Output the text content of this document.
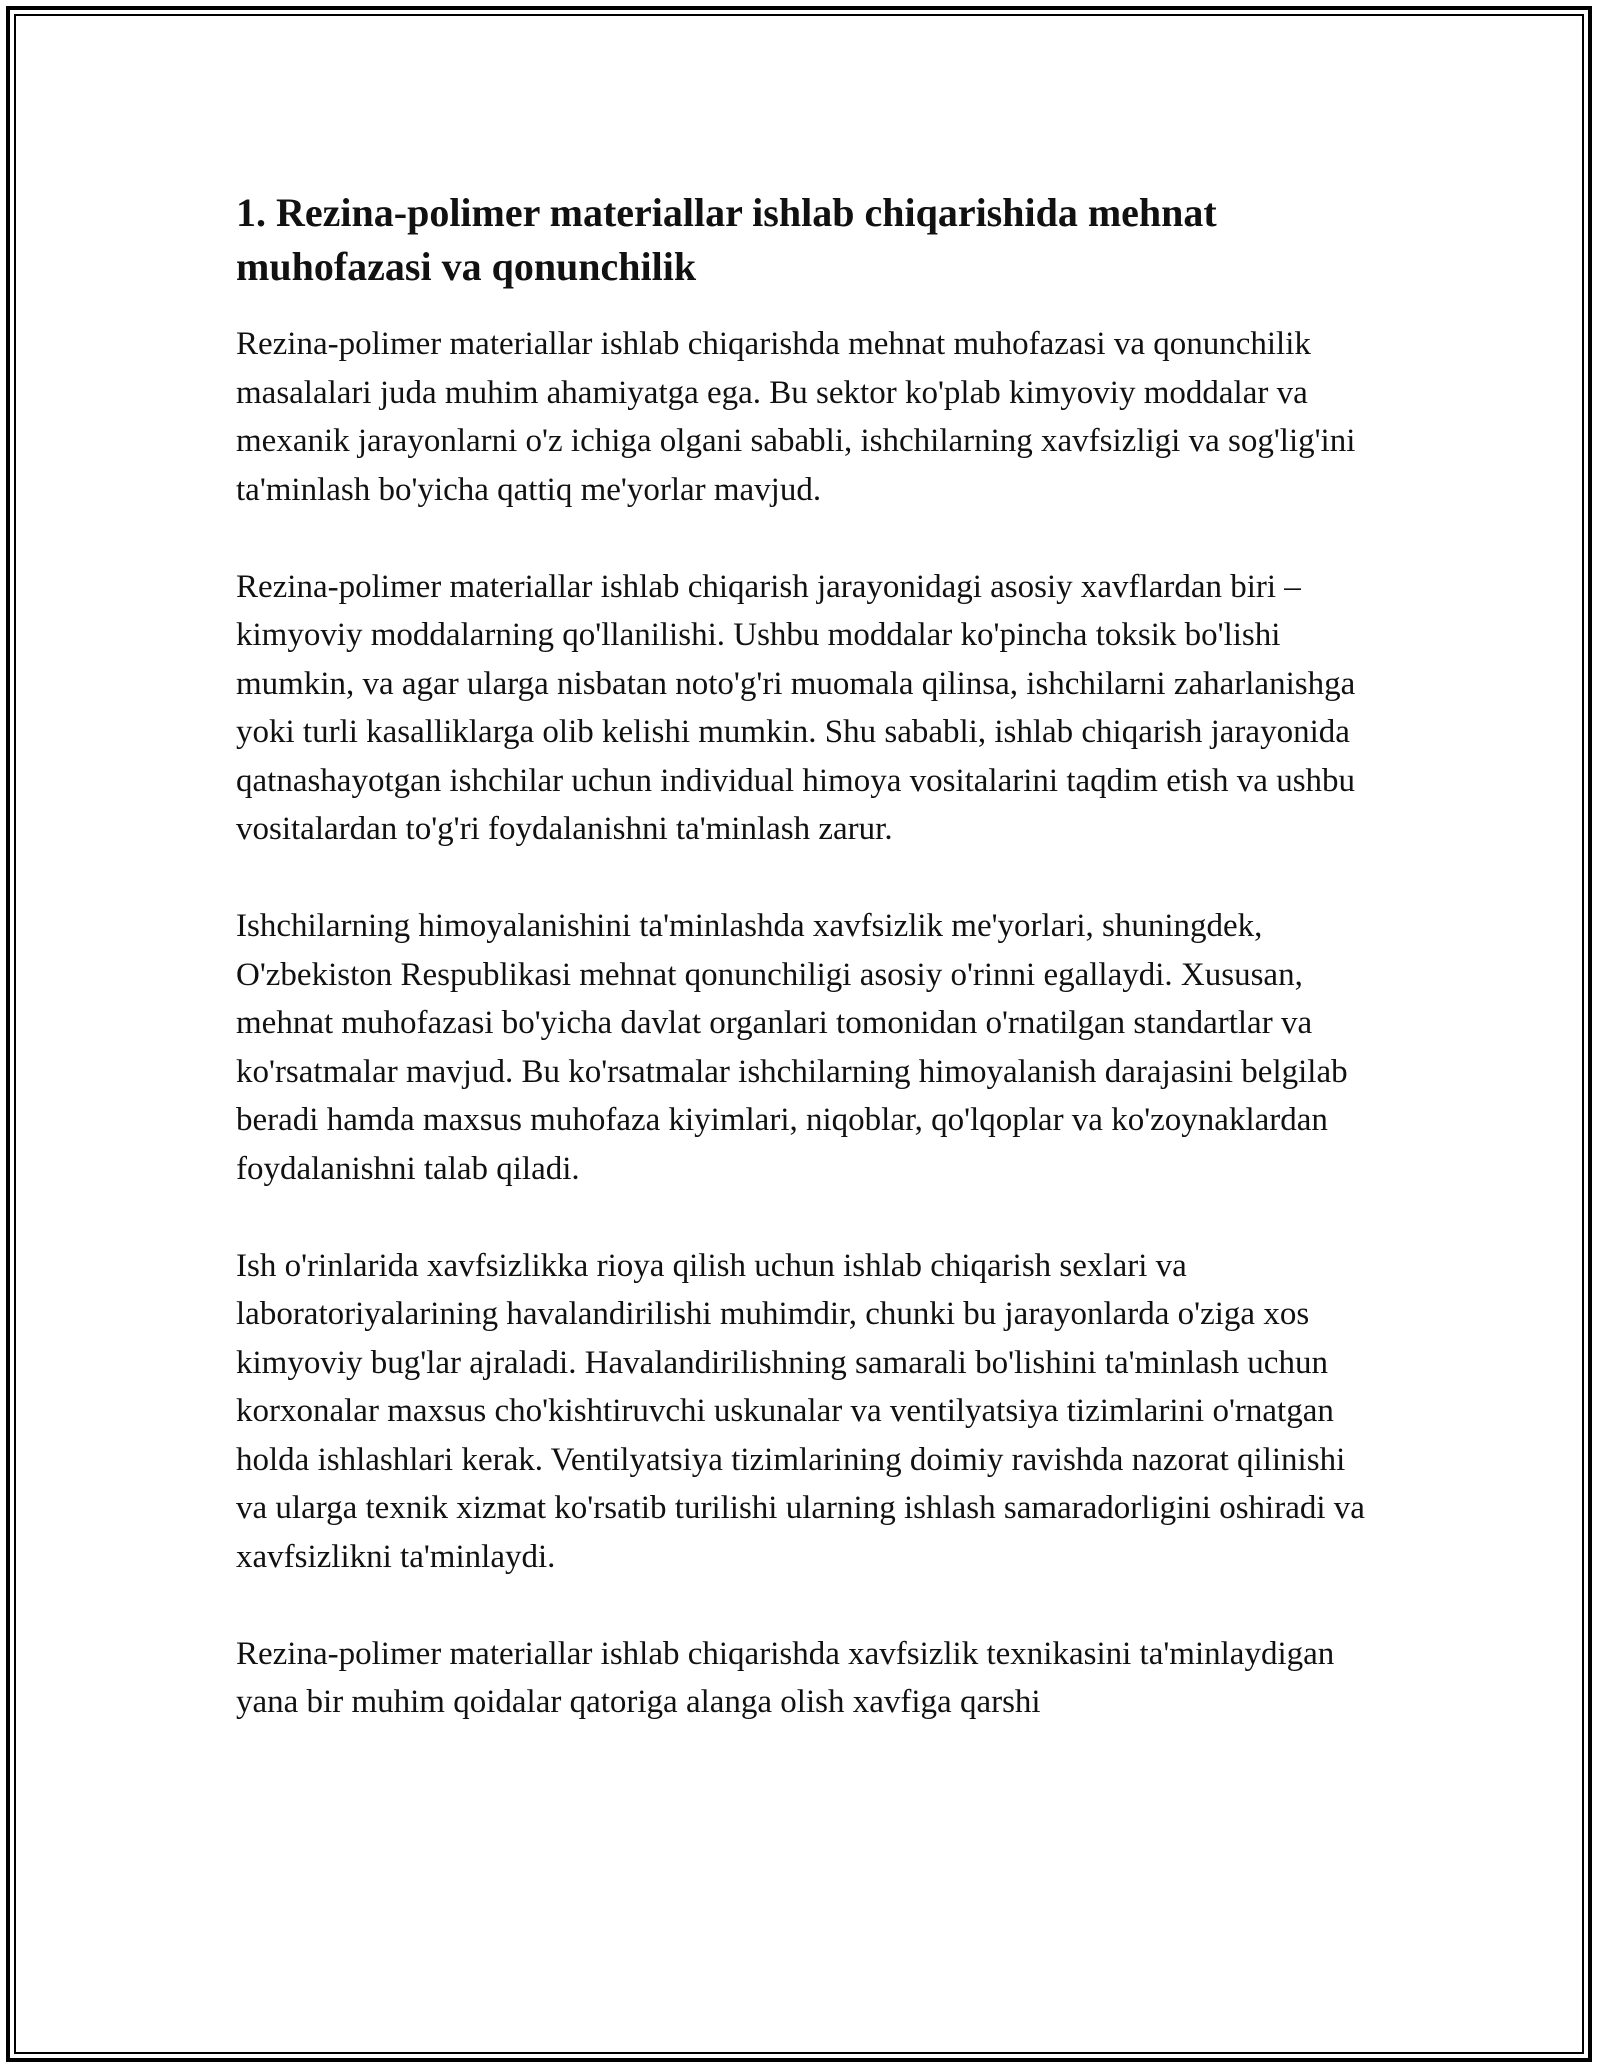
1. Rezina-polimer materiallar ishlab chiqarishida mehnat muhofazasi va qonunchilik

Rezina-polimer materiallar ishlab chiqarishda mehnat muhofazasi va qonunchilik masalalari juda muhim ahamiyatga ega. Bu sektor ko'plab kimyoviy moddalar va mexanik jarayonlarni o'z ichiga olgani sababli, ishchilarning xavfsizligi va sog'lig'ini ta'minlash bo'yicha qattiq me'yorlar mavjud.

Rezina-polimer materiallar ishlab chiqarish jarayonidagi asosiy xavflardan biri – kimyoviy moddalarning qo'llanilishi. Ushbu moddalar ko'pincha toksik bo'lishi mumkin, va agar ularga nisbatan noto'g'ri muomala qilinsa, ishchilarni zaharlanishga yoki turli kasalliklarga olib kelishi mumkin. Shu sababli, ishlab chiqarish jarayonida qatnashayotgan ishchilar uchun individual himoya vositalarini taqdim etish va ushbu vositalardan to'g'ri foydalanishni ta'minlash zarur.

Ishchilarning himoyalanishini ta'minlashda xavfsizlik me'yorlari, shuningdek, O'zbekiston Respublikasi mehnat qonunchiligi asosiy o'rinni egallaydi. Xususan, mehnat muhofazasi bo'yicha davlat organlari tomonidan o'rnatilgan standartlar va ko'rsatmalar mavjud. Bu ko'rsatmalar ishchilarning himoyalanish darajasini belgilab beradi hamda maxsus muhofaza kiyimlari, niqoblar, qo'lqoplar va ko'zoynaklardan foydalanishni talab qiladi.

Ish o'rinlarida xavfsizlikka rioya qilish uchun ishlab chiqarish sexlari va laboratoriyalarining havalandirilishi muhimdir, chunki bu jarayonlarda o'ziga xos kimyoviy bug'lar ajraladi. Havalandirilishning samarali bo'lishini ta'minlash uchun korxonalar maxsus cho'kishtiruvchi uskunalar va ventilyatsiya tizimlarini o'rnatgan holda ishlashlari kerak. Ventilyatsiya tizimlarining doimiy ravishda nazorat qilinishi va ularga texnik xizmat ko'rsatib turilishi ularning ishlash samaradorligini oshiradi va xavfsizlikni ta'minlaydi.

Rezina-polimer materiallar ishlab chiqarishda xavfsizlik texnikasini ta'minlaydigan yana bir muhim qoidalar qatoriga alanga olish xavfiga qarshi
